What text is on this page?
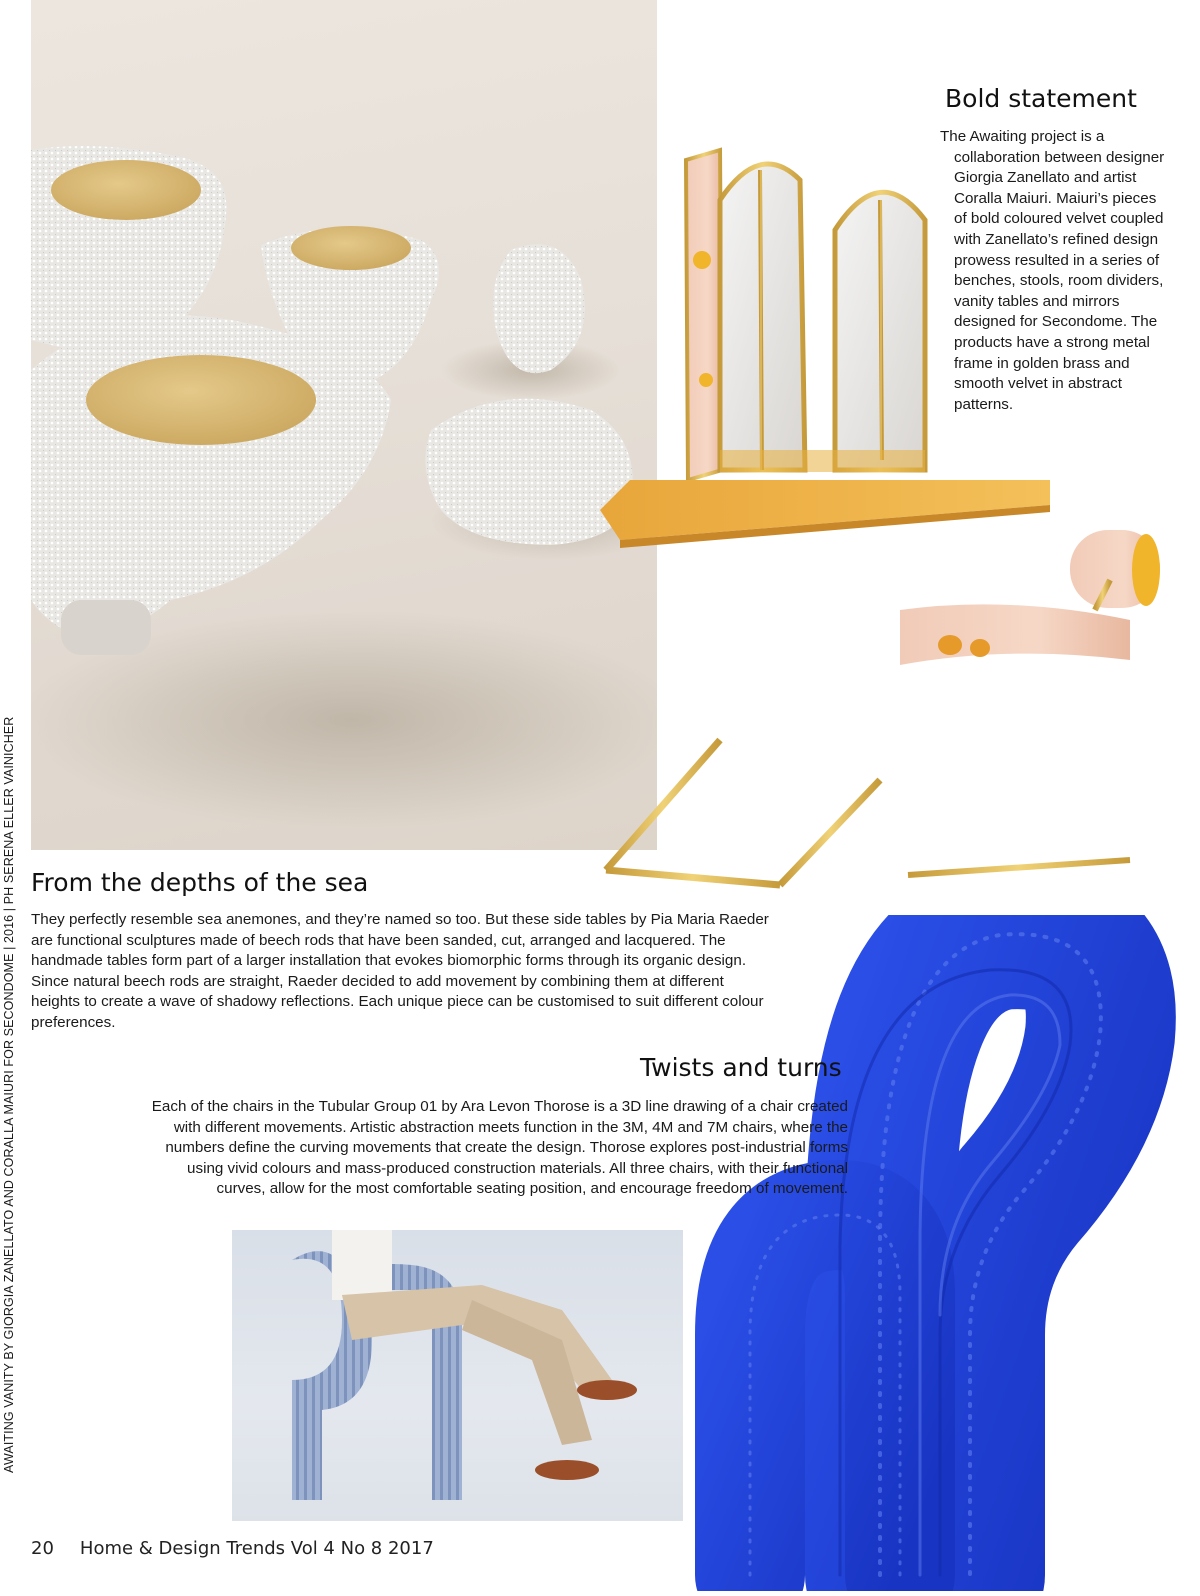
Bold statement

The Awaiting project is a collaboration between designer Giorgia Zanellato and artist Coralla Maiuri. Maiuri’s pieces of bold coloured velvet coupled with Zanellato’s refined design prowess resulted in a series of benches, stools, room dividers, vanity tables and mirrors designed for Secondome. The products have a strong metal frame in golden brass and smooth velvet in abstract patterns.

From the depths of the sea

They perfectly resemble sea anemones, and they’re named so too. But these side tables by Pia Maria Raeder are functional sculptures made of beech rods that have been sanded, cut, arranged and lacquered. The handmade tables form part of a larger installation that evokes biomorphic forms through its organic design. Since natural beech rods are straight, Raeder decided to add movement by combining them at different heights to create a wave of shadowy reflections. Each unique piece can be customised to suit different colour preferences.

Twists and turns

Each of the chairs in the Tubular Group 01 by Ara Levon Thorose is a 3D line drawing of a chair created with different movements. Artistic abstraction meets function in the 3M, 4M and 7M chairs, where the numbers define the curving movements that create the design. Thorose explores post-industrial forms using vivid colours and mass-produced construction materials. All three chairs, with their functional curves, allow for the most comfortable seating position, and encourage freedom of movement.

AWAITING VANITY BY GIORGIA ZANELLATO AND CORALLA MAIURI FOR SECONDOME | 2016 | PH SERENA ELLER VAINICHER
20 Home & Design Trends Vol 4 No 8 2017
